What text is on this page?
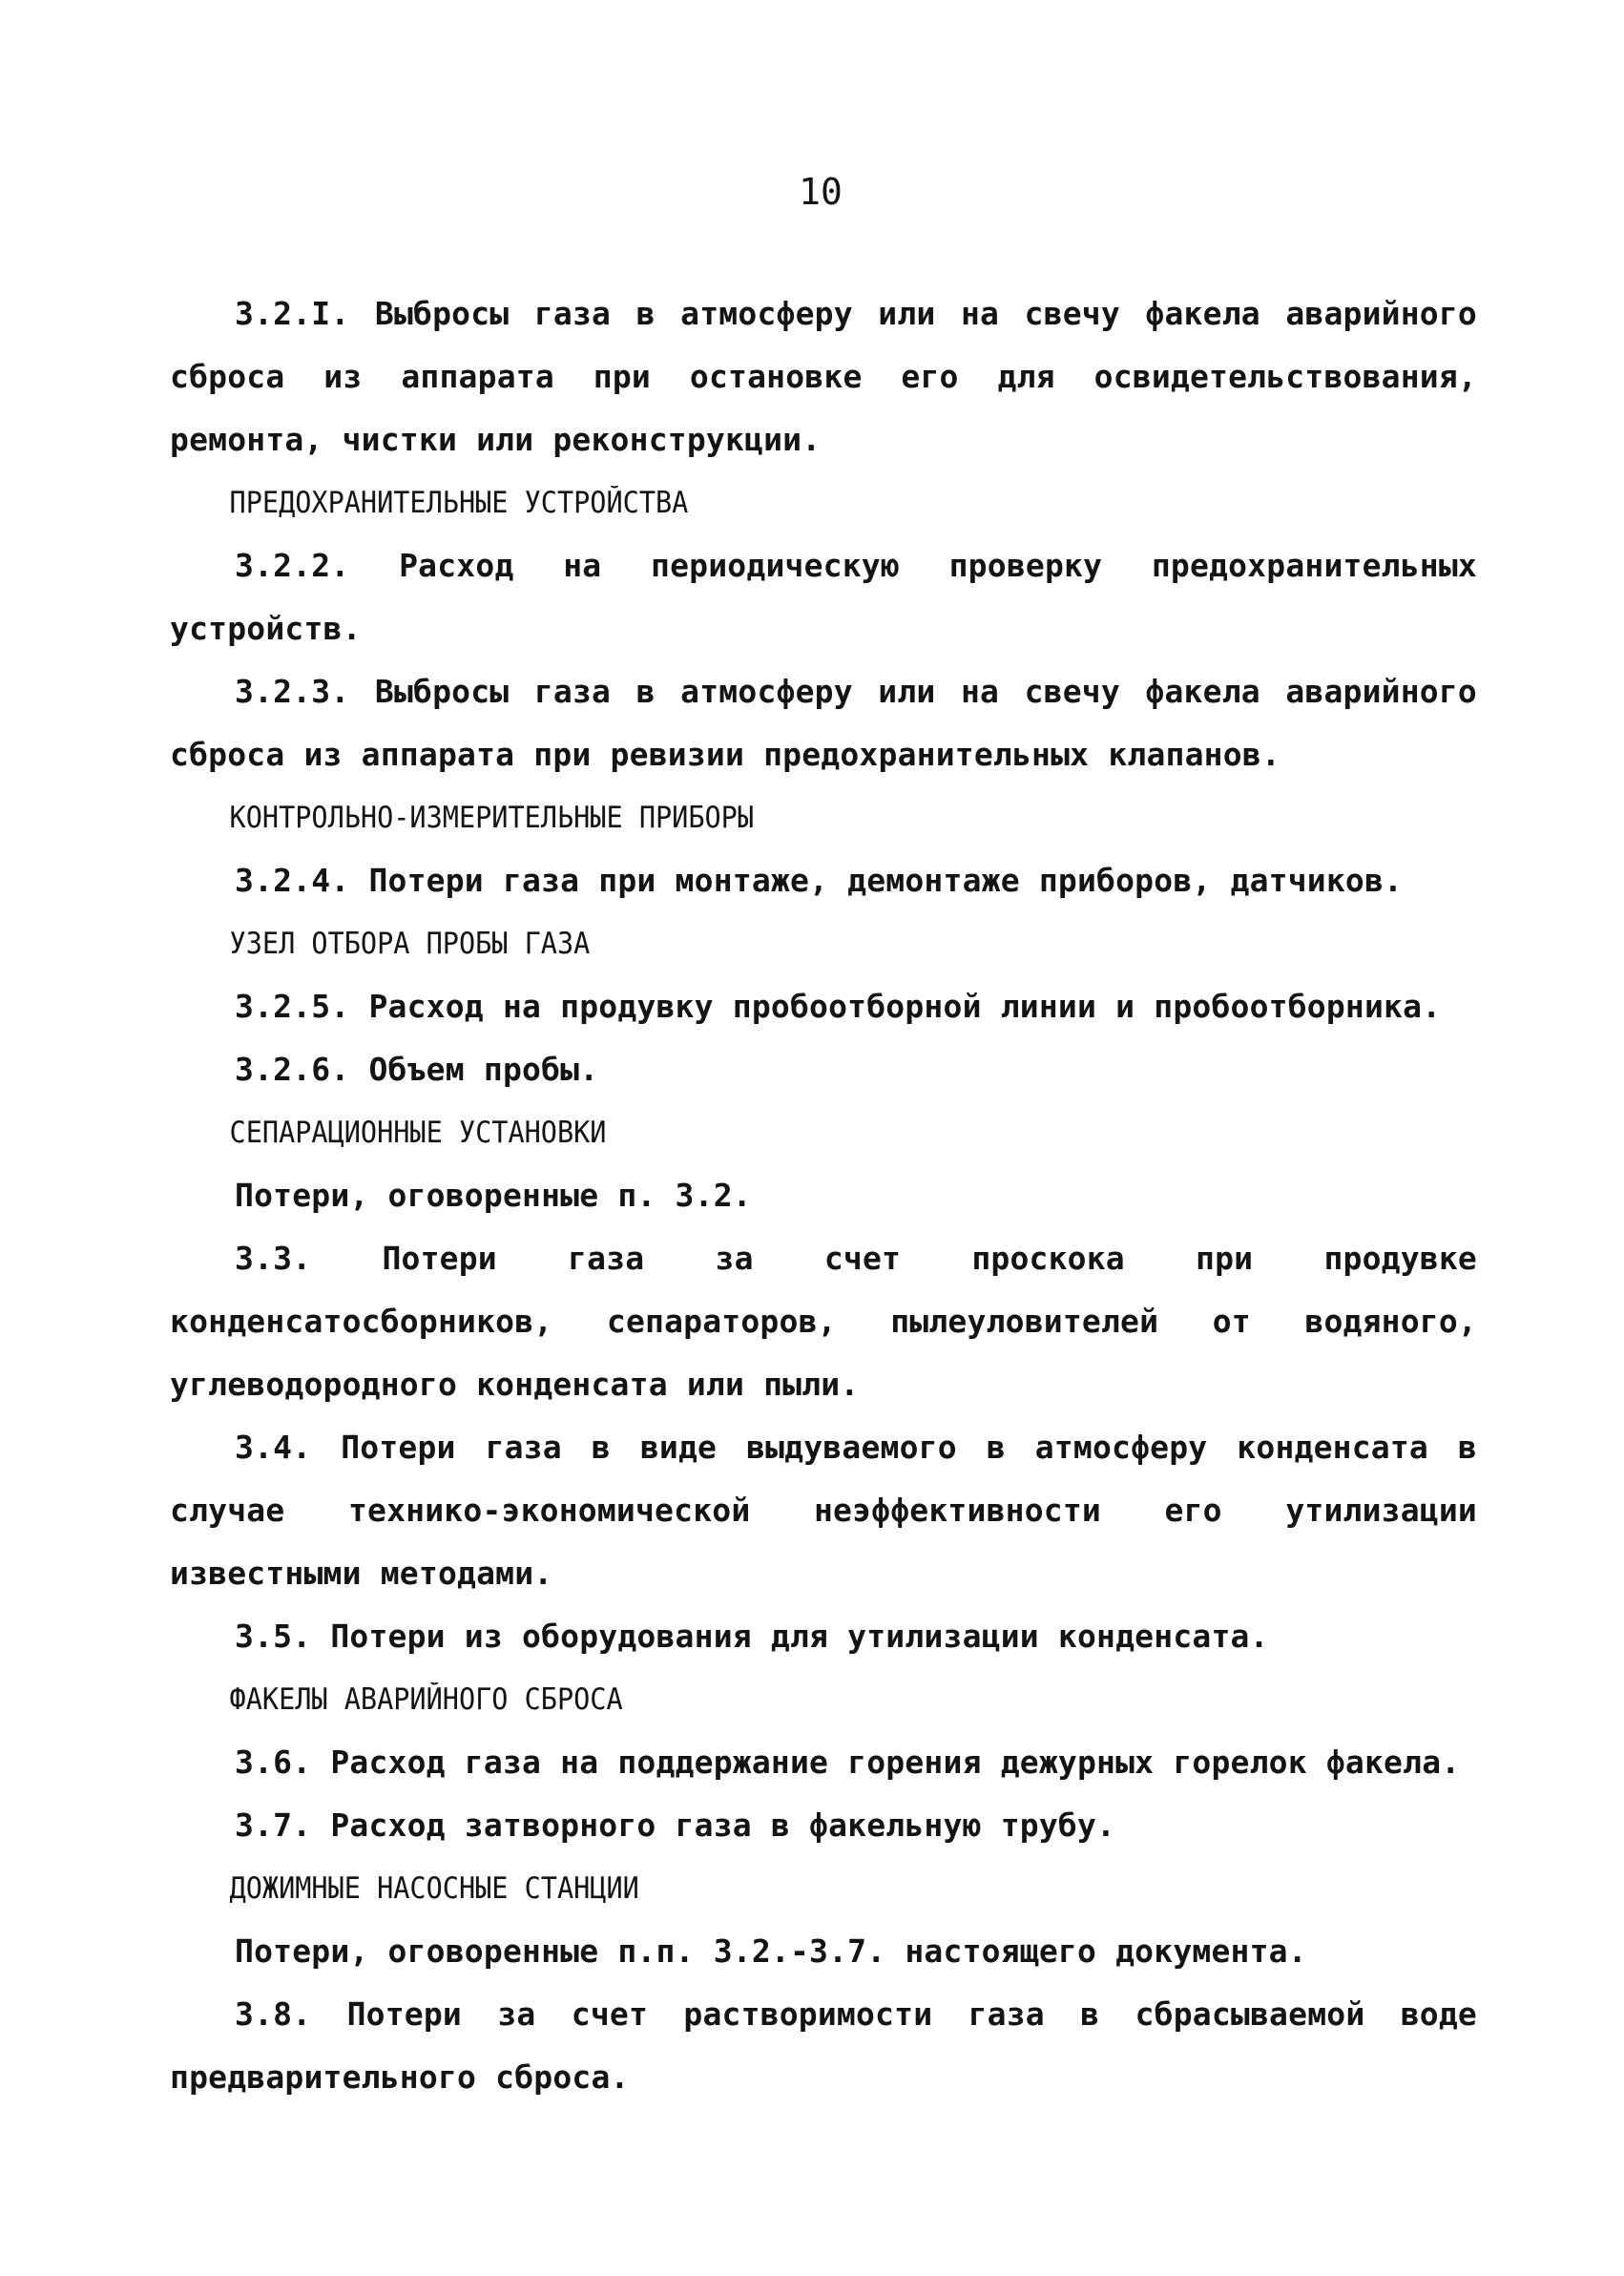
10

3.2.I. Выбросы газа в атмосферу или на свечу факела аварийного сброса из аппарата при остановке его для освидетельствования, ремонта, чистки или реконструкции.

ПРЕДОХРАНИТЕЛЬНЫЕ УСТРОЙСТВА

3.2.2. Расход на периодическую проверку предохранительных устройств.

3.2.3. Выбросы газа в атмосферу или на свечу факела аварийного сброса из аппарата при ревизии предохранительных клапанов.

КОНТРОЛЬНО-ИЗМЕРИТЕЛЬНЫЕ ПРИБОРЫ

3.2.4. Потери газа при монтаже, демонтаже приборов, датчиков.

УЗЕЛ ОТБОРА ПРОБЫ ГАЗА

3.2.5. Расход на продувку пробоотборной линии и пробоотборника.

3.2.6. Объем пробы.

СЕПАРАЦИОННЫЕ УСТАНОВКИ

Потери, оговоренные п. 3.2.

3.3. Потери газа за счет проскока при продувке конденсатосборников, сепараторов, пылеуловителей от водяного, углеводородного конденсата или пыли.

3.4. Потери газа в виде выдуваемого в атмосферу конденсата в случае технико-экономической неэффективности его утилизации известными методами.

3.5. Потери из оборудования для утилизации конденсата.

ФАКЕЛЫ АВАРИЙНОГО СБРОСА

3.6. Расход газа на поддержание горения дежурных горелок факела.

3.7. Расход затворного газа в факельную трубу.

ДОЖИМНЫЕ НАСОСНЫЕ СТАНЦИИ

Потери, оговоренные п.п. 3.2.-3.7. настоящего документа.

3.8. Потери за счет растворимости газа в сбрасываемой воде предварительного сброса.
